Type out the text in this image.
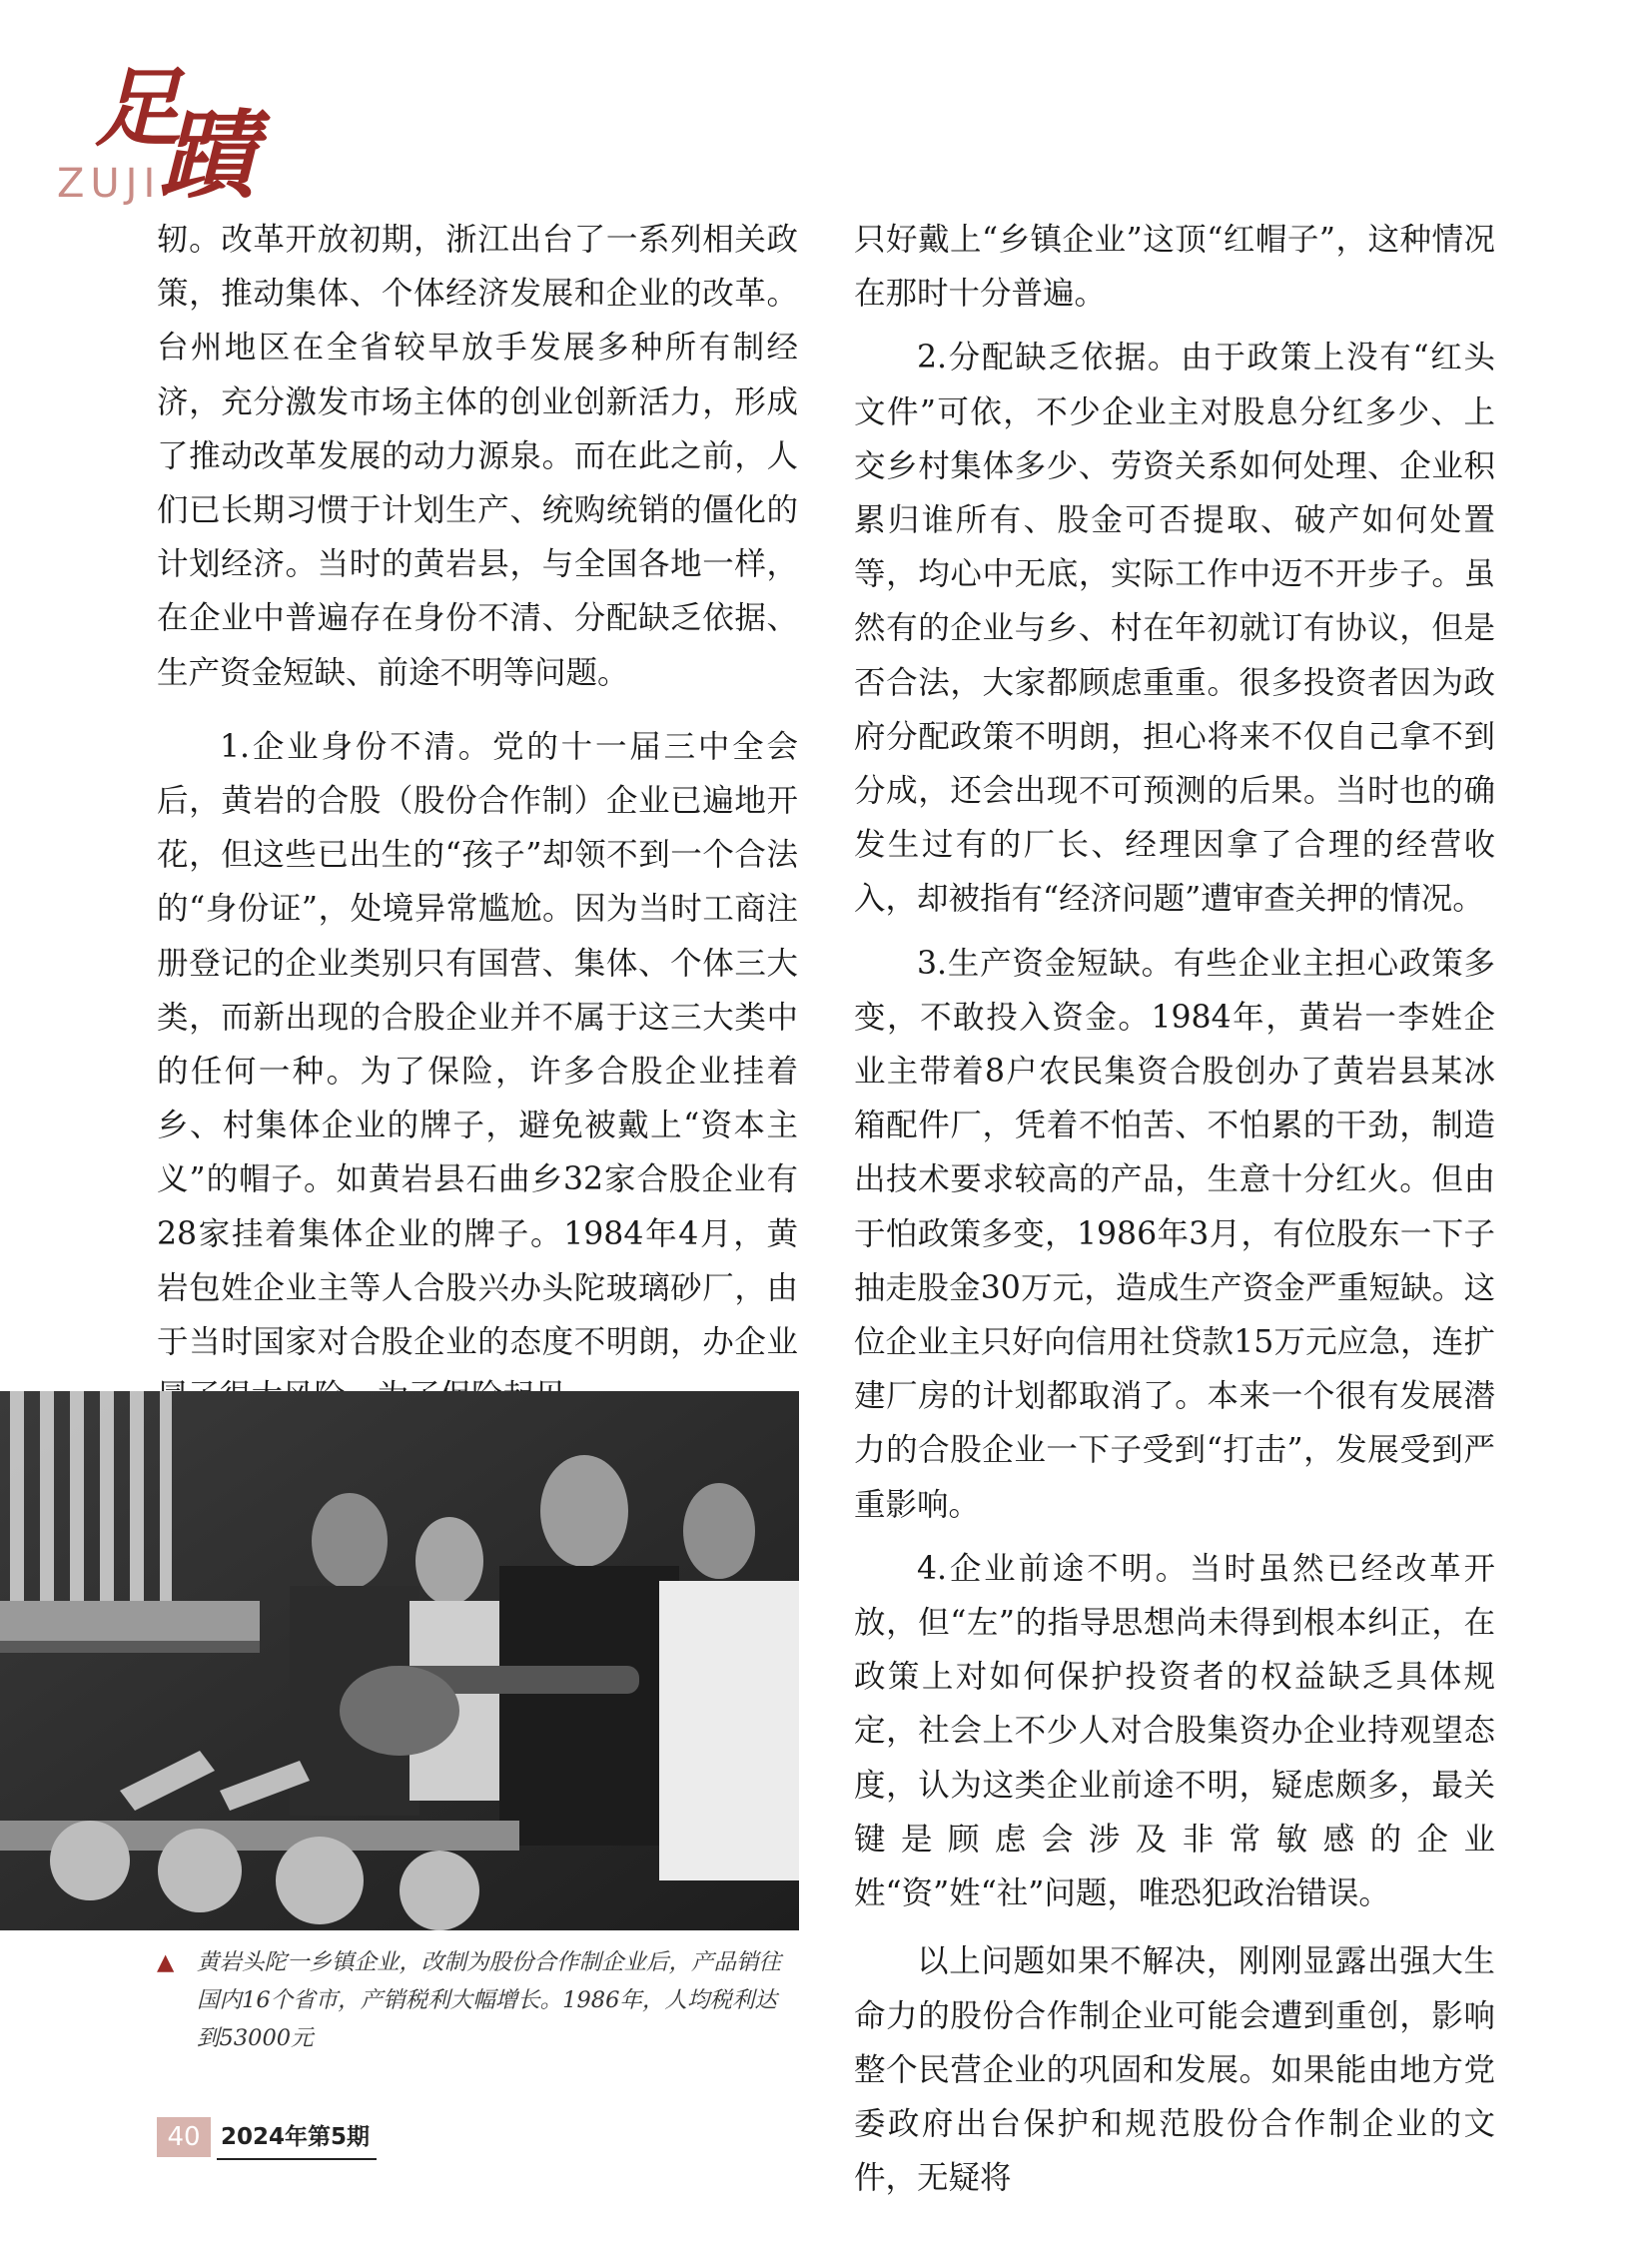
足
蹟
ZUJI

轫。改革开放初期，浙江出台了一系列相关政策，推动集体、个体经济发展和企业的改革。台州地区在全省较早放手发展多种所有制经济，充分激发市场主体的创业创新活力，形成了推动改革发展的动力源泉。而在此之前，人们已长期习惯于计划生产、统购统销的僵化的计划经济。当时的黄岩县，与全国各地一样，在企业中普遍存在身份不清、分配缺乏依据、生产资金短缺、前途不明等问题。

1.企业身份不清。党的十一届三中全会后，黄岩的合股（股份合作制）企业已遍地开花，但这些已出生的“孩子”却领不到一个合法的“身份证”，处境异常尴尬。因为当时工商注册登记的企业类别只有国营、集体、个体三大类，而新出现的合股企业并不属于这三大类中的任何一种。为了保险，许多合股企业挂着乡、村集体企业的牌子，避免被戴上“资本主义”的帽子。如黄岩县石曲乡32家合股企业有28家挂着集体企业的牌子。1984年4月，黄岩包姓企业主等人合股兴办头陀玻璃砂厂，由于当时国家对合股企业的态度不明朗，办企业

只好戴上“乡镇企业”这顶“红帽子”，这种情况在那时十分普遍。

2.分配缺乏依据。由于政策上没有“红头文件”可依，不少企业主对股息分红多少、上交乡村集体多少、劳资关系如何处理、企业积累归谁所有、股金可否提取、破产如何处置等，均心中无底，实际工作中迈不开步子。虽然有的企业与乡、村在年初就订有协议，但是否合法，大家都顾虑重重。很多投资者因为政府分配政策不明朗，担心将来不仅自己拿不到分成，还会出现不可预测的后果。当时也的确发生过有的厂长、经理因拿了合理的经营收入，却被指有“经济问题”遭审查关押的情况。

3.生产资金短缺。有些企业主担心政策多变，不敢投入资金。1984年，黄岩一李姓企业主带着8户农民集资合股创办了黄岩县某冰箱配件厂，凭着不怕苦、不怕累的干劲，制造出技术要求较高的产品，生意十分红火。但由于怕政策多变，1986年3月，有位股东一下子抽走股金30万元，造成生产资金严重短缺。这位企业主只好向信用社贷款15万元应急，连扩建厂房的计划都取消了。本来一个很有发展潜力的合股企业一下子受到“打击”，发展受到严重影响。

4.企业前途不明。当时虽然已经改革开放，但“左”的指导思想尚未得到根本纠正，在政策上对如何保护投资者的权益缺乏具体规定，社会上不少人对合股集资办企业持观望态度，认为这类企业前途不明，疑虑颇多，最关键是顾虑会涉及非常敏感的企业姓“资”姓“社”问题，唯恐犯政治错误。

以上问题如果不解决，刚刚显露出强大生命力的股份合作制企业可能会遭到重创，影响整个民营企业的巩固和发展。如果能由地方党委政府出台保护和规范股份合作制企业的文件，无疑将

▲	黄岩头陀一乡镇企业，改制为股份合作制企业后，产品销往国内16个省市，产销税利大幅增长。1986年，人均税利达到53000元
40 2024年第5期
